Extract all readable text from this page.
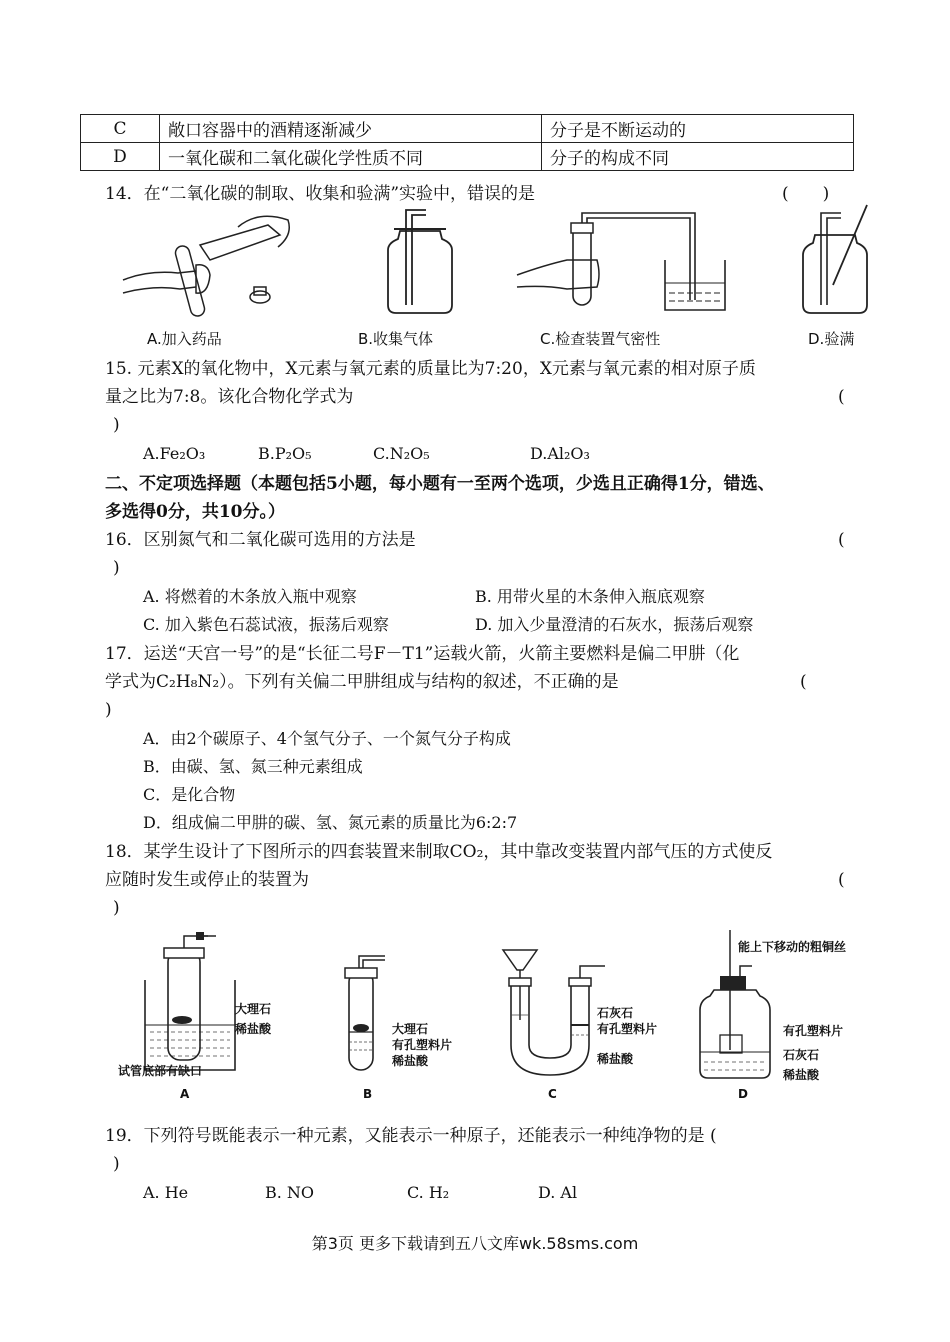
C	敞口容器中的酒精逐渐减少	分子是不断运动的
D	一氧化碳和二氧化碳化学性质不同	分子的构成不同
14．在“二氧化碳的制取、收集和验满”实验中，错误的是	(　　)
A.加入药品	B.收集气体	C.检查装置气密性	D.验满
15. 元素X的氧化物中，X元素与氧元素的质量比为7:20，X元素与氧元素的相对原子质
量之比为7:8。该化合物化学式为	(
)
A.Fe₂O₃	B.P₂O₅	C.N₂O₅	D.Al₂O₃
二、不定项选择题（本题包括5小题，每小题有一至两个选项，少选且正确得1分，错选、
多选得0分，共10分。）
16．区别氮气和二氧化碳可选用的方法是	(
)
A. 将燃着的木条放入瓶中观察	B. 用带火星的木条伸入瓶底观察
C. 加入紫色石蕊试液，振荡后观察	D. 加入少量澄清的石灰水，振荡后观察
17．运送“天宫一号”的是“长征二号F－T1”运载火箭，火箭主要燃料是偏二甲肼（化
学式为C₂H₈N₂）。下列有关偏二甲肼组成与结构的叙述，不正确的是	(
)
A．由2个碳原子、4个氢气分子、一个氮气分子构成
B．由碳、氢、氮三种元素组成
C．是化合物
D．组成偏二甲肼的碳、氢、氮元素的质量比为6:2:7
18．某学生设计了下图所示的四套装置来制取CO₂，其中靠改变装置内部气压的方式使反
应随时发生或停止的装置为	(
)
大理石
稀盐酸
试管底部有缺口
A
大理石
有孔塑料片
稀盐酸
B
石灰石
有孔塑料片
稀盐酸
C
能上下移动的粗铜丝
有孔塑料片
石灰石
稀盐酸
D
19．下列符号既能表示一种元素，又能表示一种原子，还能表示一种纯净物的是 (
)
A. He	B. NO	C. H₂	D. Al
第3页 更多下载请到五八文库wk.58sms.com
